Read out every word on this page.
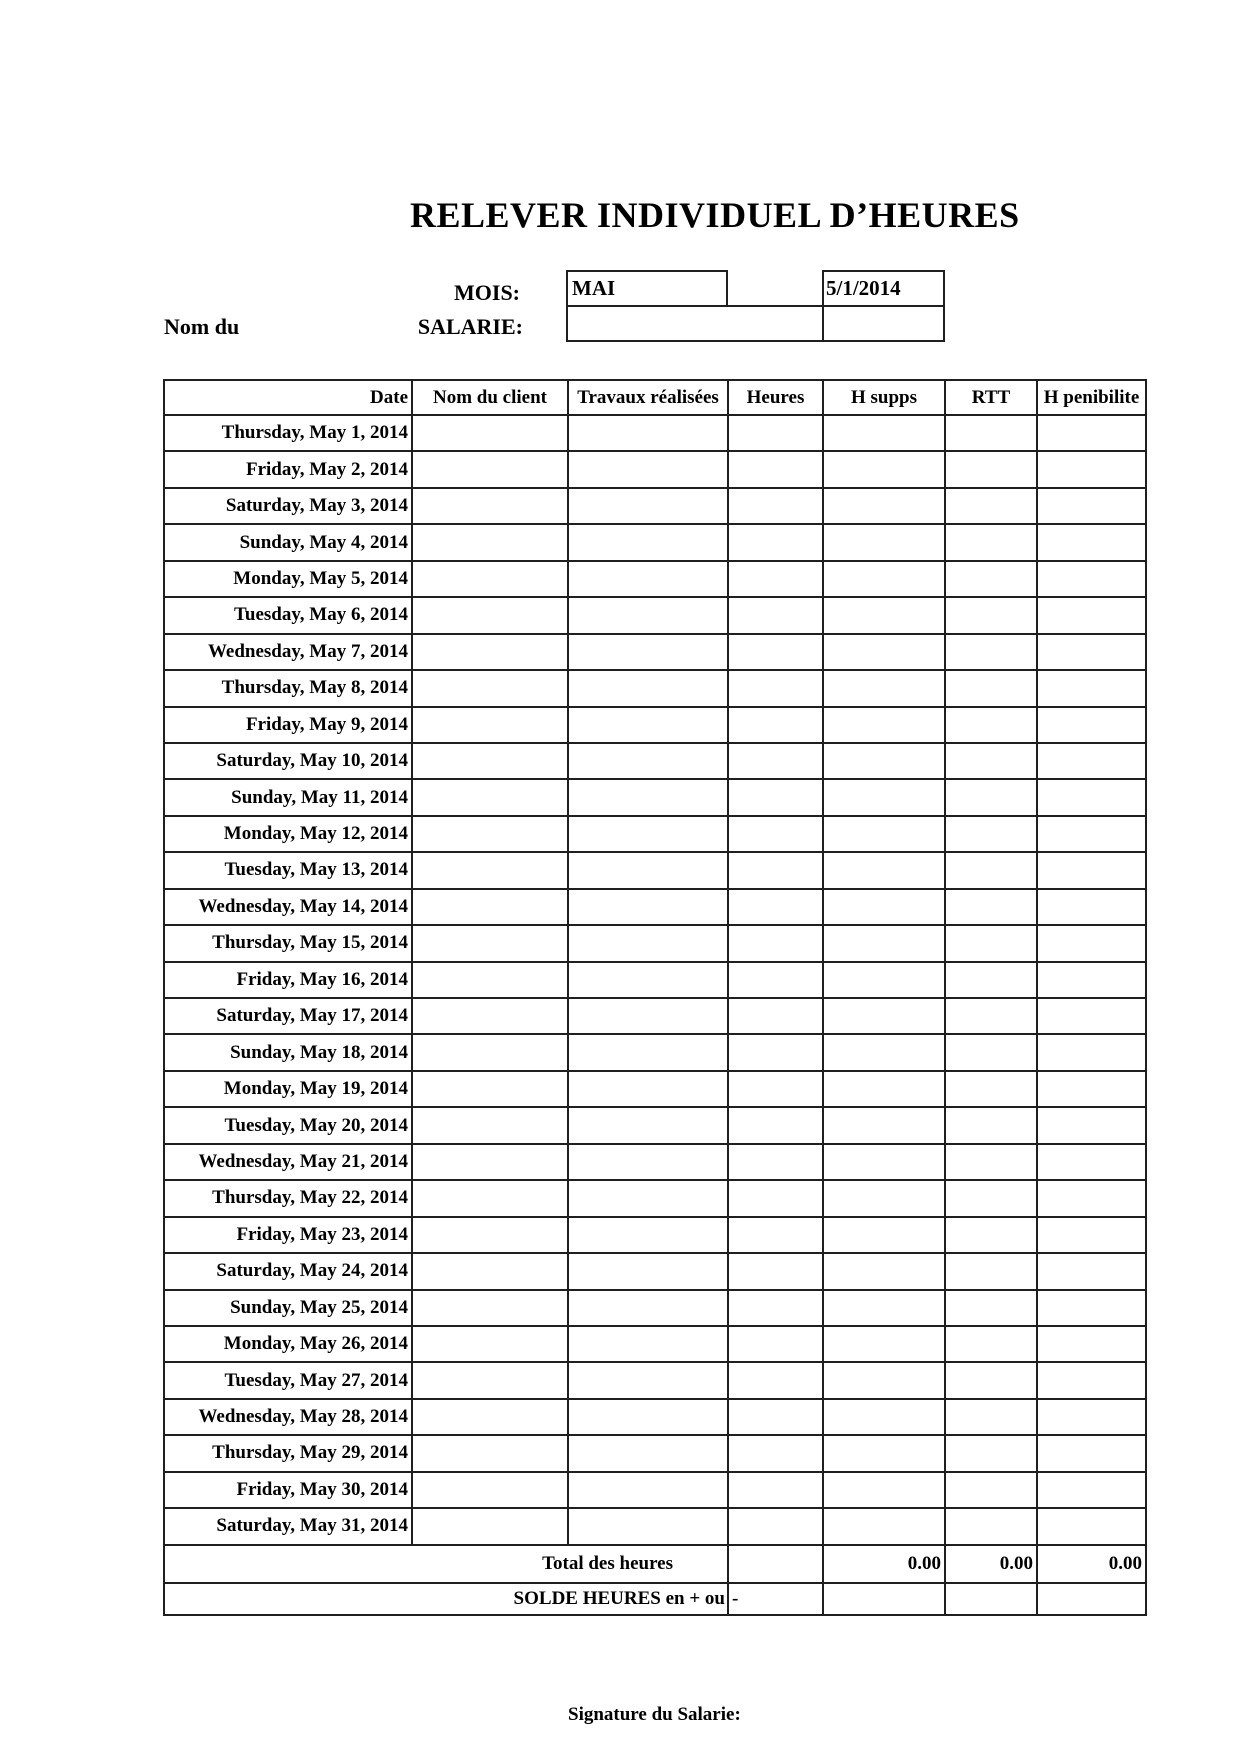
RELEVER INDIVIDUEL D’HEURES
MOIS:
Nom du	SALARIE:
MAI	5/1/2014
Date	Nom du client	Travaux réalisées	Heures	H supps	RTT	H penibilite
Thursday, May 1, 2014						
Friday, May 2, 2014						
Saturday, May 3, 2014						
Sunday, May 4, 2014						
Monday, May 5, 2014						
Tuesday, May 6, 2014						
Wednesday, May 7, 2014						
Thursday, May 8, 2014						
Friday, May 9, 2014						
Saturday, May 10, 2014						
Sunday, May 11, 2014						
Monday, May 12, 2014						
Tuesday, May 13, 2014						
Wednesday, May 14, 2014						
Thursday, May 15, 2014						
Friday, May 16, 2014						
Saturday, May 17, 2014						
Sunday, May 18, 2014						
Monday, May 19, 2014						
Tuesday, May 20, 2014						
Wednesday, May 21, 2014						
Thursday, May 22, 2014						
Friday, May 23, 2014						
Saturday, May 24, 2014						
Sunday, May 25, 2014						
Monday, May 26, 2014						
Tuesday, May 27, 2014						
Wednesday, May 28, 2014						
Thursday, May 29, 2014						
Friday, May 30, 2014						
Saturday, May 31, 2014						
Total des heures				0.00	0.00	0.00
SOLDE HEURES en + ou			-			
Signature du Salarie:
